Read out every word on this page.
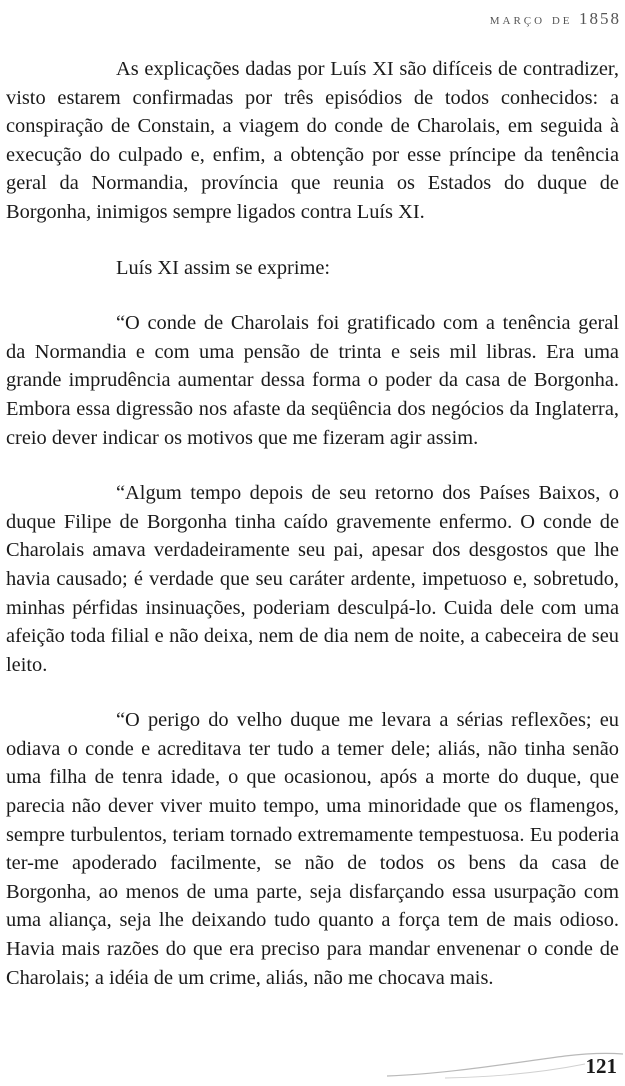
março de 1858

As explicações dadas por Luís XI são difíceis de contradizer, visto estarem confirmadas por três episódios de todos conhecidos: a conspiração de Constain, a viagem do conde de Charolais, em seguida à execução do culpado e, enfim, a obtenção por esse príncipe da tenência geral da Normandia, província que reunia os Estados do duque de Borgonha, inimigos sempre ligados contra Luís XI.

Luís XI assim se exprime:

“O conde de Charolais foi gratificado com a tenência geral da Normandia e com uma pensão de trinta e seis mil libras. Era uma grande imprudência aumentar dessa forma o poder da casa de Borgonha. Embora essa digressão nos afaste da seqüência dos negócios da Inglaterra, creio dever indicar os motivos que me fizeram agir assim.

“Algum tempo depois de seu retorno dos Países Baixos, o duque Filipe de Borgonha tinha caído gravemente enfermo. O conde de Charolais amava verdadeiramente seu pai, apesar dos desgostos que lhe havia causado; é verdade que seu caráter ardente, impetuoso e, sobretudo, minhas pérfidas insinuações, poderiam desculpá-lo. Cuida dele com uma afeição toda filial e não deixa, nem de dia nem de noite, a cabeceira de seu leito.

“O perigo do velho duque me levara a sérias reflexões; eu odiava o conde e acreditava ter tudo a temer dele; aliás, não tinha senão uma filha de tenra idade, o que ocasionou, após a morte do duque, que parecia não dever viver muito tempo, uma minoridade que os flamengos, sempre turbulentos, teriam tornado extremamente tempestuosa. Eu poderia ter-me apoderado facilmente, se não de todos os bens da casa de Borgonha, ao menos de uma parte, seja disfarçando essa usurpação com uma aliança, seja lhe deixando tudo quanto a força tem de mais odioso. Havia mais razões do que era preciso para mandar envenenar o conde de Charolais; a idéia de um crime, aliás, não me chocava mais.

121
